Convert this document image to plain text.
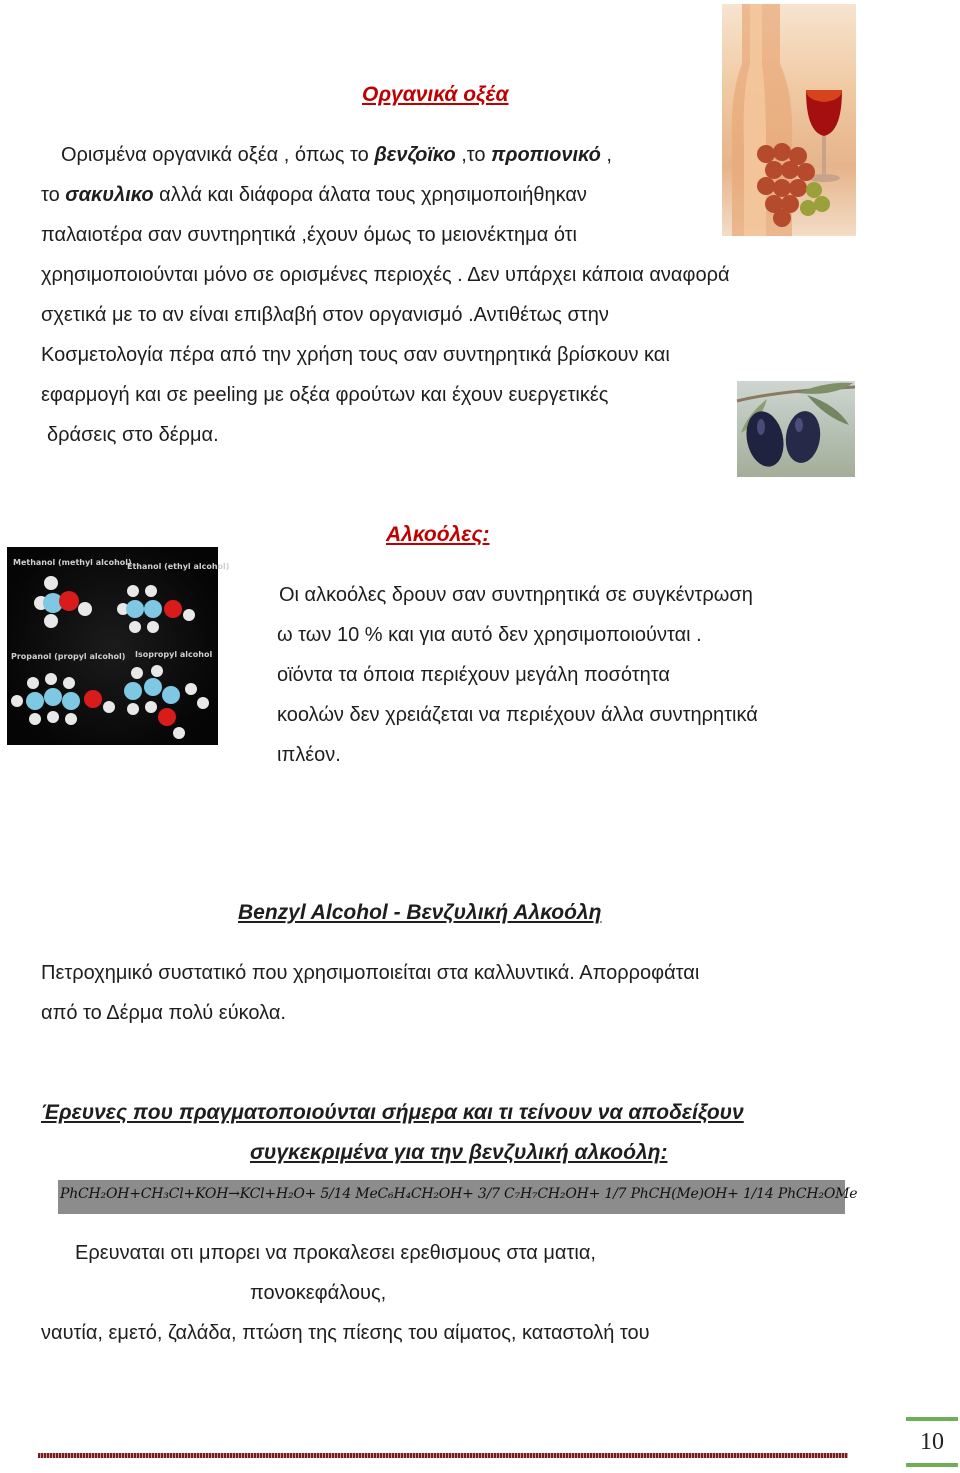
Οργανικά οξέα
Ορισμένα οργανικά οξέα , όπως το βενζοϊκο ,το προπιονικό ,
το σακυλικο αλλά και διάφορα άλατα τους χρησιμοποιήθηκαν
παλαιοτέρα σαν συντηρητικά ,έχουν όμως το μειονέκτημα ότι
χρησιμοποιούνται μόνο σε ορισμένες περιοχές . Δεν υπάρχει κάποια αναφορά
σχετικά με το αν είναι επιβλαβή στον οργανισμό .Αντιθέτως στην
Κοσμετολογία πέρα από την χρήση τους σαν συντηρητικά βρίσκουν και
εφαρμογή και σε peeling με οξέα φρούτων και έχουν ευεργετικές
δράσεις στο δέρμα.
Αλκοόλες:
Methanol (methyl alcohol)
Ethanol (ethyl alcohol)
Propanol (propyl alcohol) Isopropyl alcohol
Οι αλκοόλες δρουν σαν συντηρητικά σε συγκέντρωση
ω των 10 % και για αυτό δεν χρησιμοποιούνται .
οϊόντα τα όποια περιέχουν μεγάλη ποσότητα
κοολών δεν χρειάζεται να περιέχουν άλλα συντηρητικά
ιπλέον.
Benzyl Alcohol - Βενζυλική Αλκοόλη
Πετροχημικό συστατικό που χρησιμοποιείται στα καλλυντικά. Απορροφάται
από το Δέρμα πολύ εύκολα.
Έρευνες που πραγματοποιούνται σήμερα και τι τείνουν να αποδείξουν
συγκεκριμένα για την βενζυλική αλκοόλη:
PhCH₂OH+CH₃Cl+KOH→KCl+H₂O+ 5/14 MeC₆H₄CH₂OH+ 3/7 C₇H₇CH₂OH+ 1/7 PhCH(Me)OH+ 1/14 PhCH₂OMe
Ερευναται οτι μπορει να προκαλεσει ερεθισμους στα ματια,
πονοκεφάλους,
ναυτία, εμετό, ζαλάδα, πτώση της πίεσης του αίματος, καταστολή του
10
